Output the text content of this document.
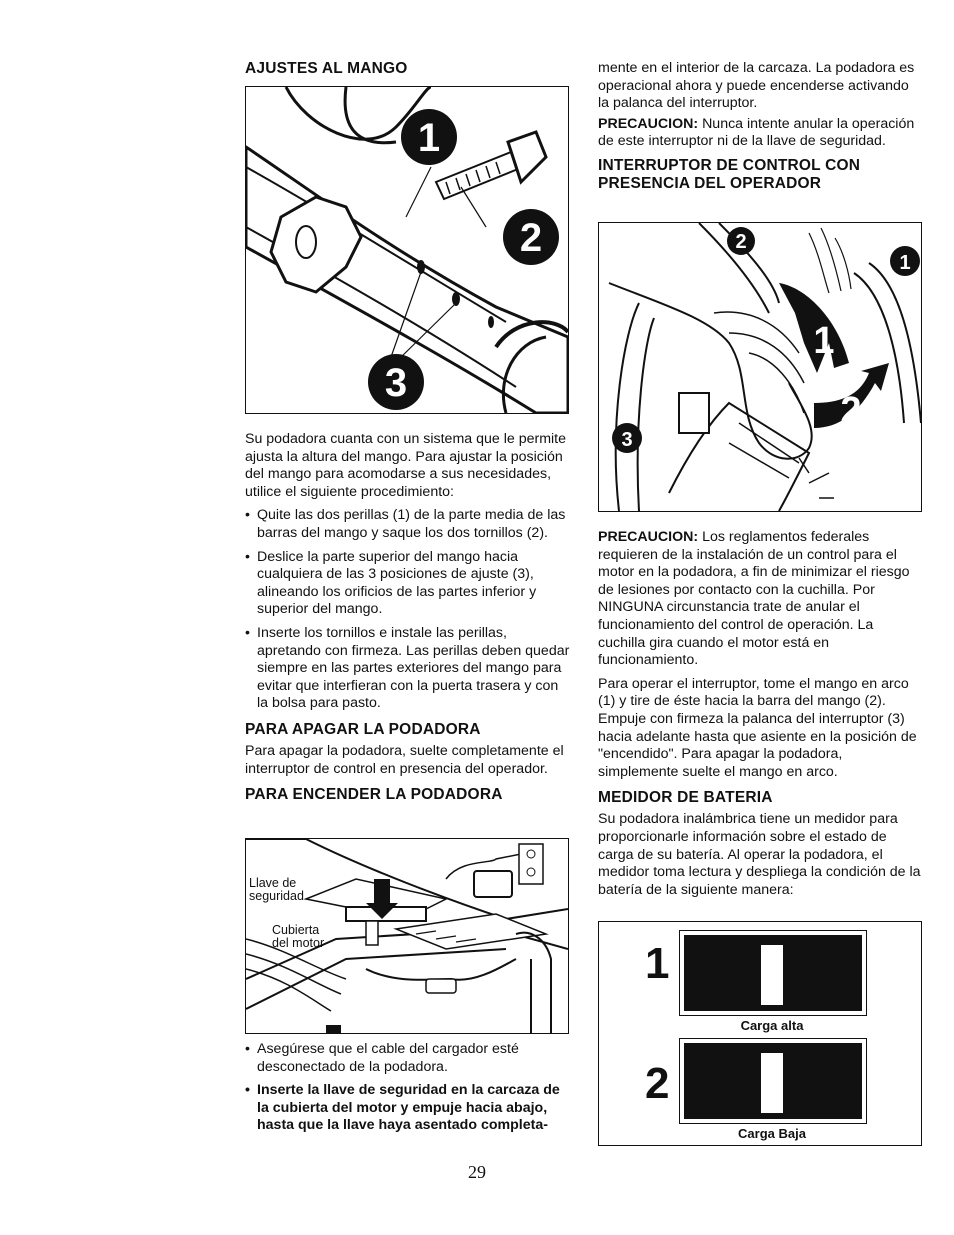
AJUSTES AL MANGO
1
2
3

Su podadora cuanta con un sistema que le permite ajusta la altura del mango. Para ajustar la posición del mango para acomodarse a sus necesidades, utilice el siguiente procedimiento:

• Quite las dos perillas (1) de la parte media de las barras del mango y saque los dos tornillos (2).

• Deslice la parte superior del mango hacia cualquiera de las 3 posiciones de ajuste (3), alineando los orificios de las partes inferior y superior del mango.

• Inserte los tornillos e instale las perillas, apretando con firmeza. Las perillas deben quedar siempre en las partes exteriores del mango para evitar que interfieran con la puerta trasera y con la bolsa para pasto.

PARA APAGAR LA PODADORA

Para apagar la podadora, suelte completamente el interruptor de control en presencia del operador.

PARA ENCENDER LA PODADORA
Llave de seguridad
Cubierta del motor

• Asegúrese que el cable del cargador esté desconectado de la podadora.

• Inserte la llave de seguridad en la carcaza de la cubierta del motor y empuje hacia abajo, hasta que la llave haya asentado completa-

mente en el interior de la carcaza. La podadora es operacional ahora y puede encenderse activando la palanca del interruptor.

PRECAUCION: Nunca intente anular la operación de este interruptor ni de la llave de seguridad.

INTERRUPTOR DE CONTROL CON PRESENCIA DEL OPERADOR
2
1
3
1
2

PRECAUCION: Los reglamentos federales requieren de la instalación de un control para el motor en la podadora, a fin de minimizar el riesgo de lesiones por contacto con la cuchilla. Por NINGUNA circunstancia trate de anular el funcionamiento del control de operación. La cuchilla gira cuando el motor está en funcionamiento.

Para operar el interruptor, tome el mango en arco (1) y tire de éste hacia la barra del mango (2). Empuje con firmeza la palanca del interruptor (3) hacia adelante hasta que asiente en la posición de "encendido". Para apagar la podadora, simplemente suelte el mango en arco.

MEDIDOR DE BATERIA

Su podadora inalámbrica tiene un medidor para proporcionarle información sobre el estado de carga de su batería. Al operar la podadora, el medidor toma lectura y despliega la condición de la batería de la siguiente manera:

1
Carga alta
2
Carga Baja
29
